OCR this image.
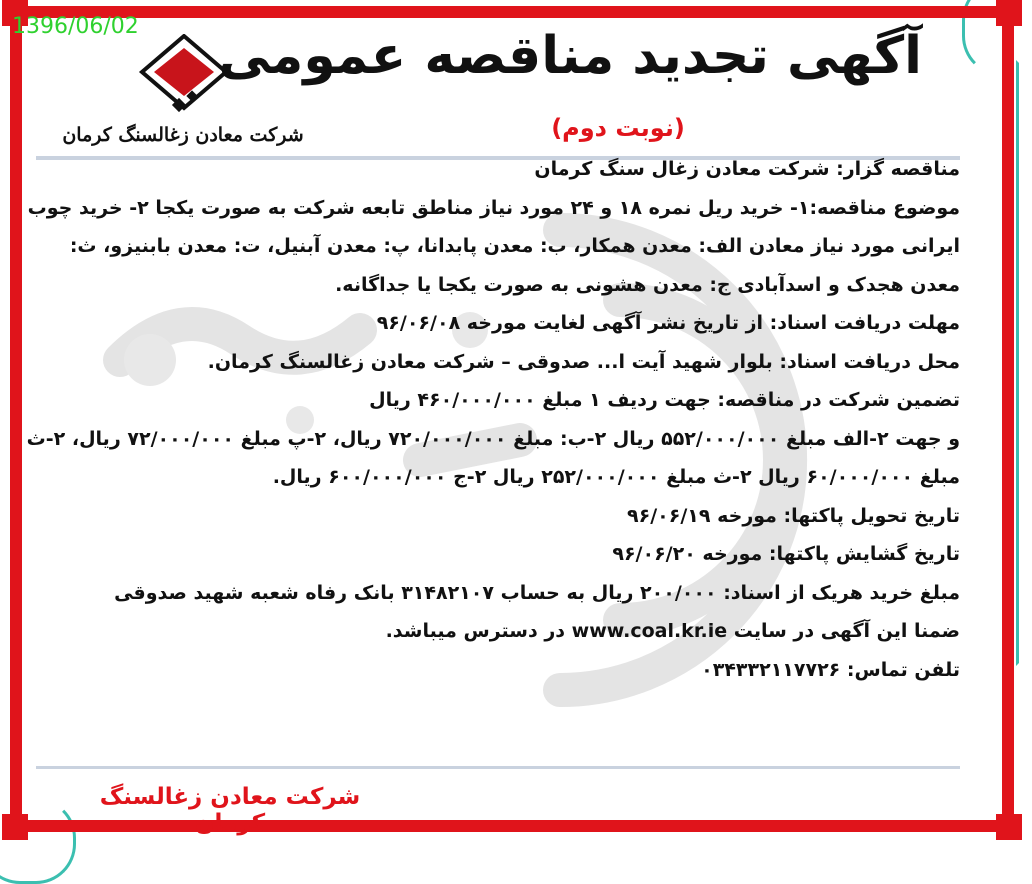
1396/06/02
شرکت معادن زغالسنگ کرمان
آگهی تجدید مناقصه عمومی
(نوبت دوم)
مناقصه گزار: شرکت معادن زغال سنگ کرمان
موضوع مناقصه:۱- خرید ریل نمره ۱۸ و ۲۴ مورد نیاز مناطق تابعه شرکت به صورت یکجا ۲- خرید چوب
ایرانی مورد نیاز معادن الف: معدن همکار، ب: معدن پابدانا، پ: معدن آبنیل، ت: معدن بابنیزو، ث:
معدن هجدک و اسدآبادی ج: معدن هشونی به صورت یکجا یا جداگانه.
مهلت دریافت اسناد: از تاریخ نشر آگهی لغایت مورخه ۹۶/۰۶/۰۸
محل دریافت اسناد: بلوار شهید آیت ا... صدوقی – شرکت معادن زغالسنگ کرمان.
تضمین شرکت در مناقصه: جهت ردیف ۱ مبلغ ۴۶۰/۰۰۰/۰۰۰ ریال
و جهت ۲-الف مبلغ ۵۵۲/۰۰۰/۰۰۰ ریال ۲-ب: مبلغ ۷۲۰/۰۰۰/۰۰۰ ریال، ۲-پ مبلغ ۷۲/۰۰۰/۰۰۰ ریال، ۲-ث
مبلغ ۶۰/۰۰۰/۰۰۰ ریال ۲-ث مبلغ ۲۵۲/۰۰۰/۰۰۰ ریال ۲-ج ۶۰۰/۰۰۰/۰۰۰ ریال.
تاریخ تحویل پاکتها: مورخه ۹۶/۰۶/۱۹
تاریخ گشایش پاکتها: مورخه ۹۶/۰۶/۲۰
مبلغ خرید هریک از اسناد: ۲۰۰/۰۰۰ ریال به حساب ۳۱۴۸۲۱۰۷ بانک رفاه شعبه شهید صدوقی
ضمنا این آگهی در سایت www.coal.kr.ie در دسترس میباشد.
تلفن تماس: ۰۳۴۳۳۲۱۱۷۷۲۶
شرکت معادن زغالسنگ کرمان
